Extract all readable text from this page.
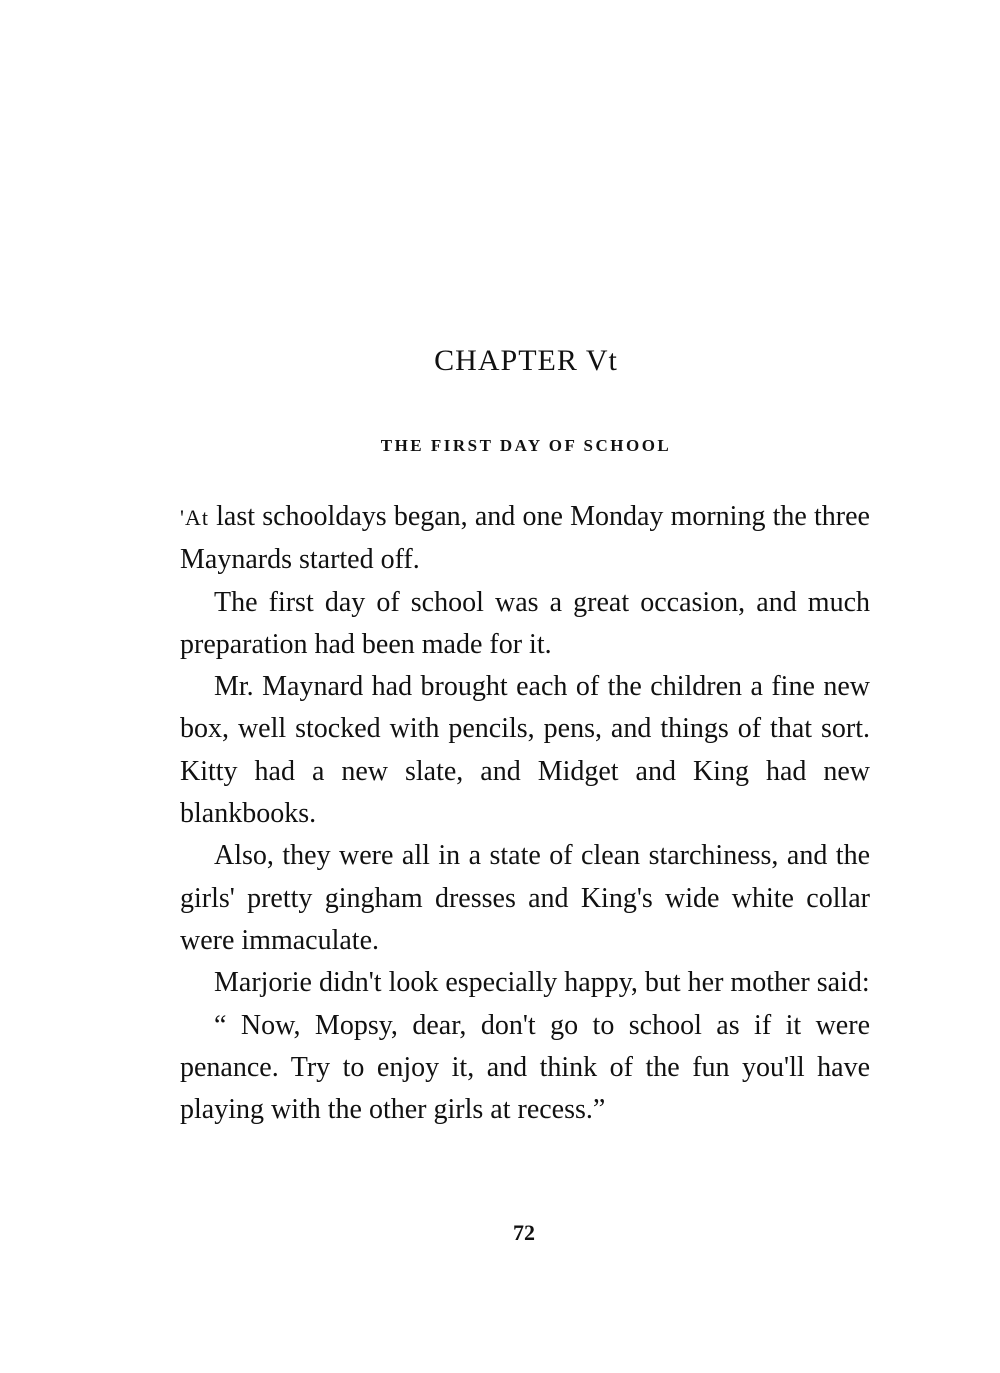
CHAPTER Vt
THE FIRST DAY OF SCHOOL

'At last schooldays began, and one Monday morning the three Maynards started off.

The first day of school was a great occasion, and much preparation had been made for it.

Mr. Maynard had brought each of the children a fine new box, well stocked with pencils, pens, and things of that sort. Kitty had a new slate, and Midget and King had new blankbooks.

Also, they were all in a state of clean starchiness, and the girls' pretty gingham dresses and King's wide white collar were immaculate.

Marjorie didn't look especially happy, but her mother said:

“ Now, Mopsy, dear, don't go to school as if it were penance. Try to enjoy it, and think of the fun you'll have playing with the other girls at recess.”

72
